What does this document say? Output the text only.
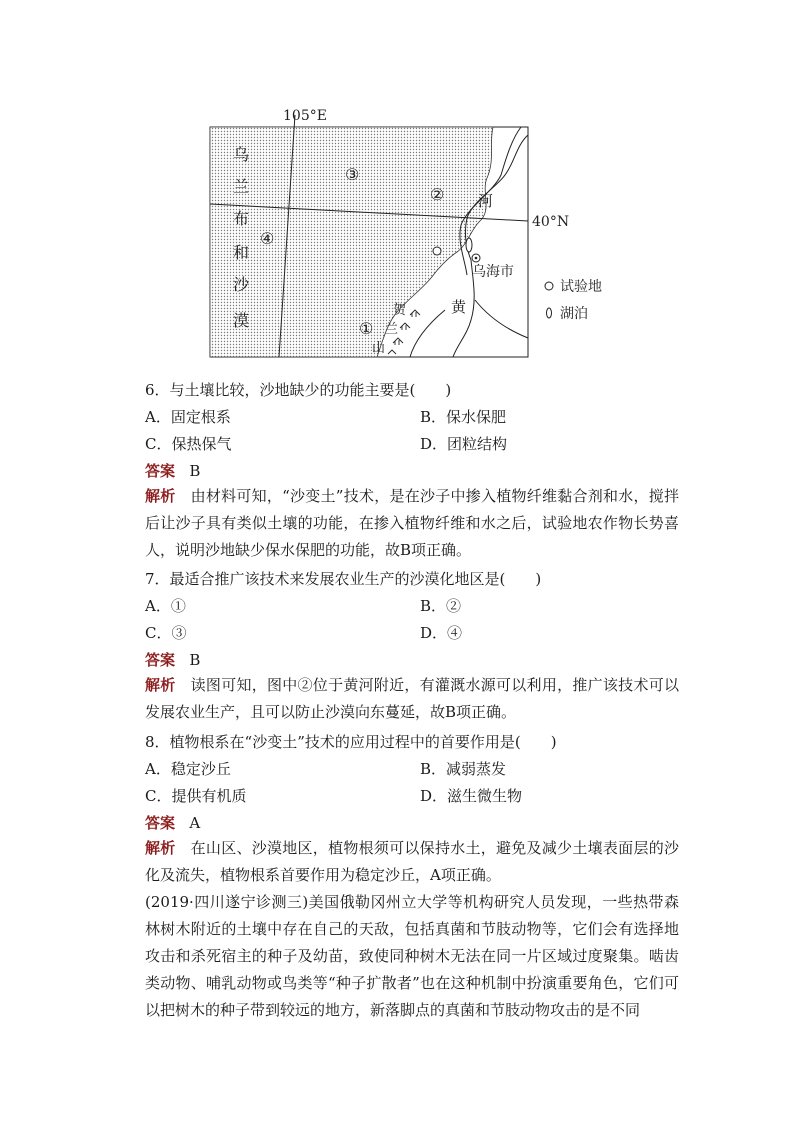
105°E
40°N
乌
兰
布
和
沙
漠	①
②
③
④
河
黄
贺
兰
山
乌海市
试验地
湖泊
6．与土壤比较，沙地缺少的功能主要是(　　)
A．固定根系	B．保水保肥
C．保热保气	D．团粒结构
答案 B
解析 由材料可知，“沙变土”技术，是在沙子中掺入植物纤维黏合剂和水，搅拌后让沙子具有类似土壤的功能，在掺入植物纤维和水之后，试验地农作物长势喜人，说明沙地缺少保水保肥的功能，故B项正确。
7．最适合推广该技术来发展农业生产的沙漠化地区是(　　)
A．①	B．②
C．③	D．④
答案 B
解析 读图可知，图中②位于黄河附近，有灌溉水源可以利用，推广该技术可以发展农业生产，且可以防止沙漠向东蔓延，故B项正确。
8．植物根系在“沙变土”技术的应用过程中的首要作用是(　　)
A．稳定沙丘	B．减弱蒸发
C．提供有机质	D．滋生微生物
答案 A
解析 在山区、沙漠地区，植物根须可以保持水土，避免及减少土壤表面层的沙化及流失，植物根系首要作用为稳定沙丘，A项正确。
(2019·四川遂宁诊测三)美国俄勒冈州立大学等机构研究人员发现，一些热带森林树木附近的土壤中存在自己的天敌，包括真菌和节肢动物等，它们会有选择地攻击和杀死宿主的种子及幼苗，致使同种树木无法在同一片区域过度聚集。啮齿类动物、哺乳动物或鸟类等“种子扩散者”也在这种机制中扮演重要角色，它们可以把树木的种子带到较远的地方，新落脚点的真菌和节肢动物攻击的是不同
